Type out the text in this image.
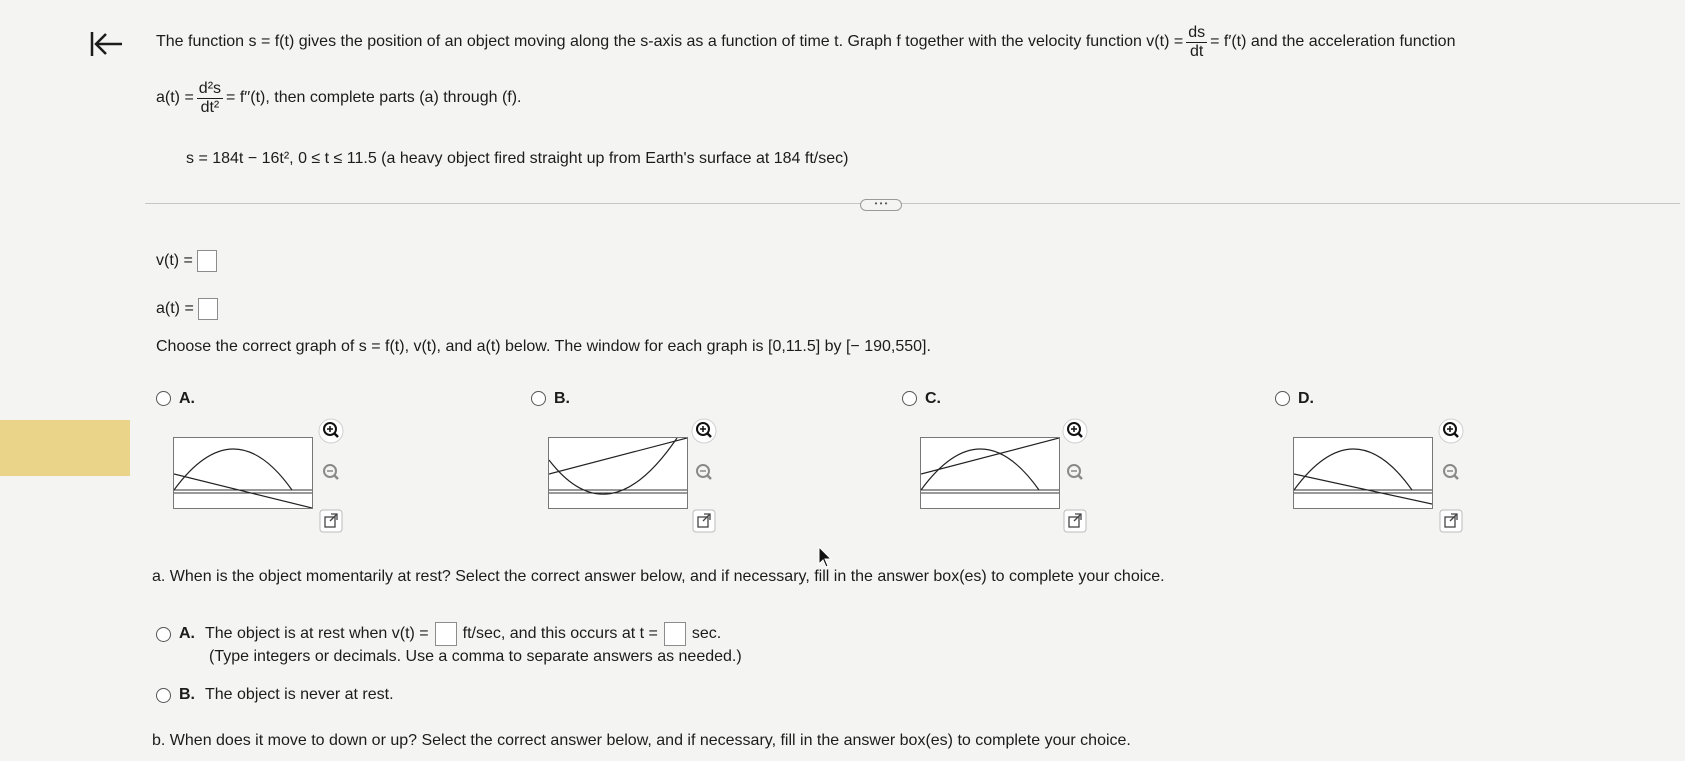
The function s = f(t) gives the position of an object moving along the s-axis as a function of time t. Graph f together with the velocity function $v(t) = \frac{ds}{dt} = f'(t)$ and the acceleration function
$a(t) = \frac{\text{d²s}}{\text{dt²}} = f''(t)$, then complete parts (a) through (f).
s = 184t − 16t², 0 ≤ t ≤ 11.5 (a heavy object fired straight up from Earth's surface at 184 ft/sec)
• • •
v(t) =
a(t) =
Choose the correct graph of s = f(t), v(t), and a(t) below. The window for each graph is [0,11.5] by [− 190,550].
A.	B.	C.	D.
a. When is the object momentarily at rest? Select the correct answer below, and if necessary, fill in the answer box(es) to complete your choice.
A. The object is at rest when v(t) = ft/sec, and this occurs at t = sec.
(Type integers or decimals. Use a comma to separate answers as needed.)
B. The object is never at rest.
b. When does it move to down or up? Select the correct answer below, and if necessary, fill in the answer box(es) to complete your choice.
